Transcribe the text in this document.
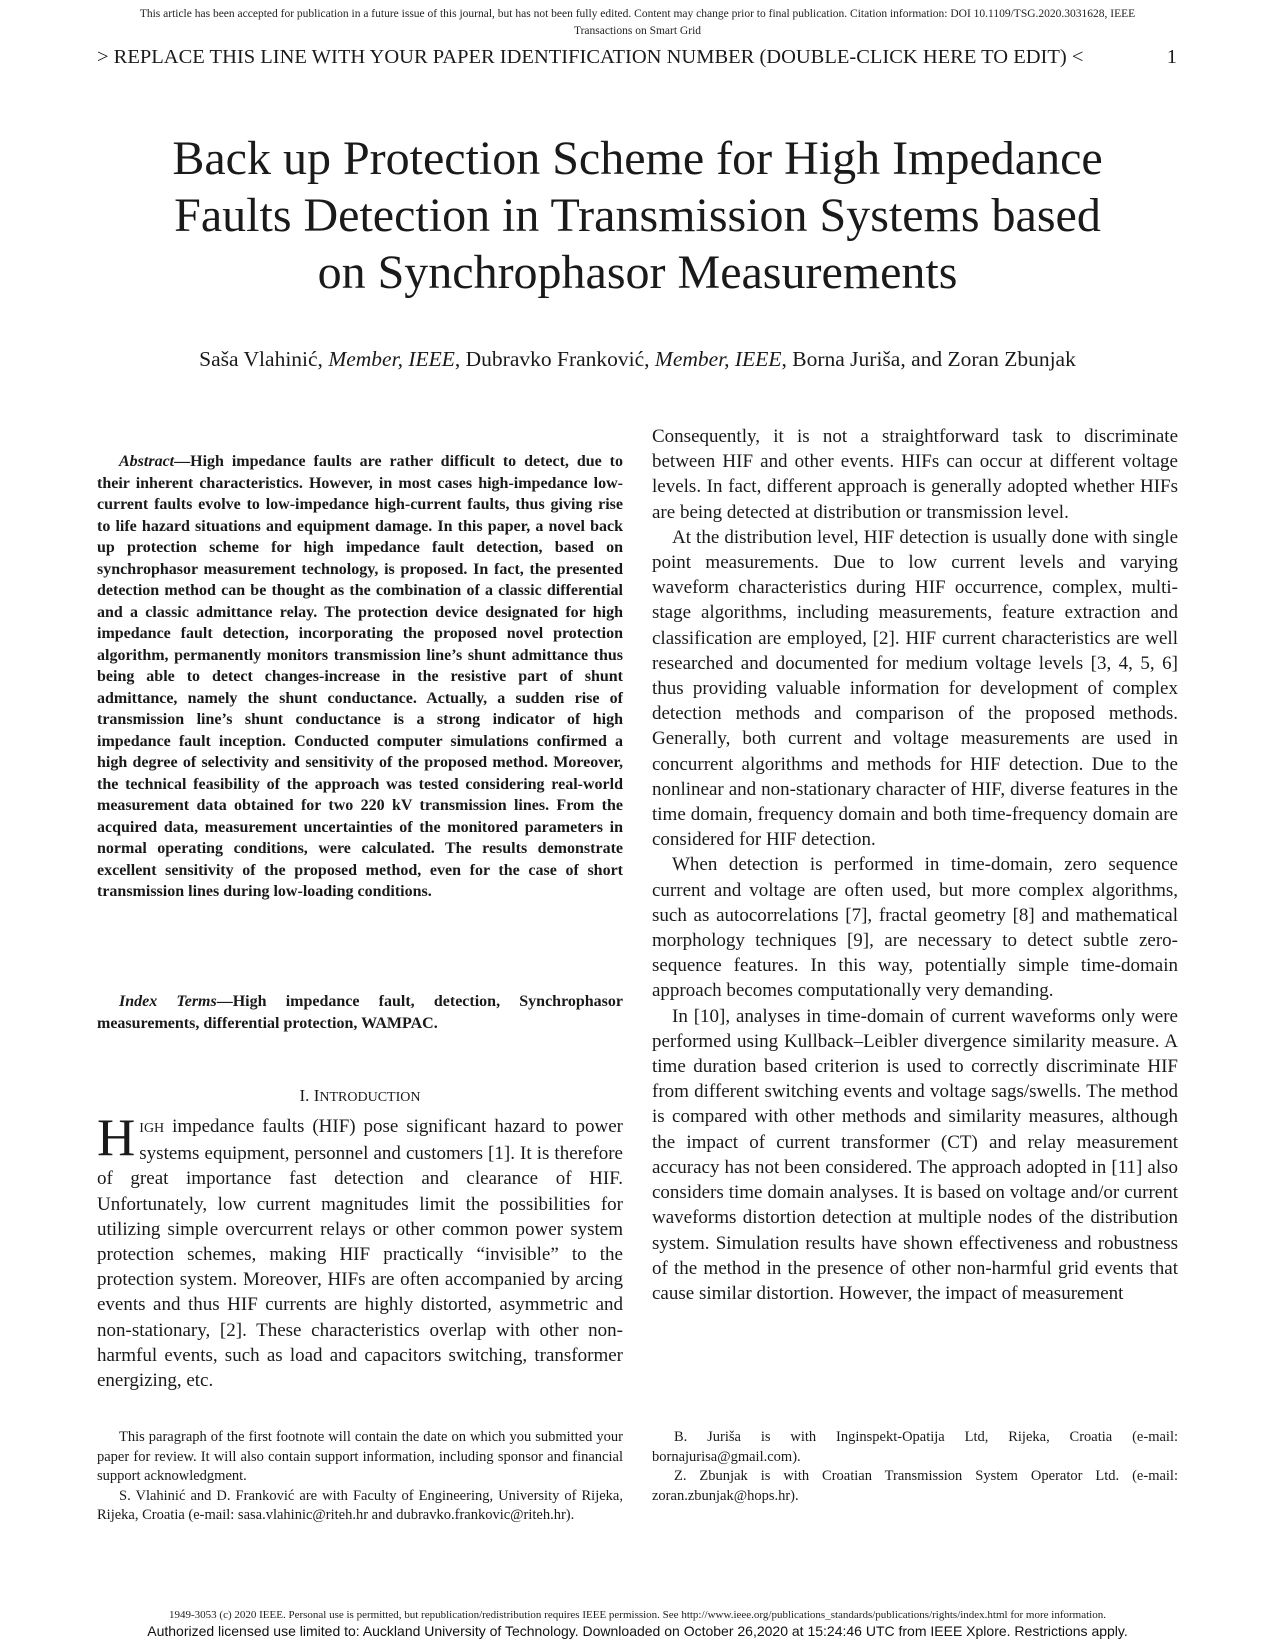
This article has been accepted for publication in a future issue of this journal, but has not been fully edited. Content may change prior to final publication. Citation information: DOI 10.1109/TSG.2020.3031628, IEEE
Transactions on Smart Grid
> REPLACE THIS LINE WITH YOUR PAPER IDENTIFICATION NUMBER (DOUBLE-CLICK HERE TO EDIT) <	1
Back up Protection Scheme for High Impedance
Faults Detection in Transmission Systems based
on Synchrophasor Measurements
Saša Vlahinić, Member, IEEE, Dubravko Franković, Member, IEEE, Borna Juriša, and Zoran Zbunjak
Abstract—High impedance faults are rather difficult to detect, due to their inherent characteristics. However, in most cases high-impedance low-current faults evolve to low-impedance high-current faults, thus giving rise to life hazard situations and equipment damage. In this paper, a novel back up protection scheme for high impedance fault detection, based on synchrophasor measurement technology, is proposed. In fact, the presented detection method can be thought as the combination of a classic differential and a classic admittance relay. The protection device designated for high impedance fault detection, incorporating the proposed novel protection algorithm, permanently monitors transmission line’s shunt admittance thus being able to detect changes-increase in the resistive part of shunt admittance, namely the shunt conductance. Actually, a sudden rise of transmission line’s shunt conductance is a strong indicator of high impedance fault inception. Conducted computer simulations confirmed a high degree of selectivity and sensitivity of the proposed method. Moreover, the technical feasibility of the approach was tested considering real-world measurement data obtained for two 220 kV transmission lines. From the acquired data, measurement uncertainties of the monitored parameters in normal operating conditions, were calculated. The results demonstrate excellent sensitivity of the proposed method, even for the case of short transmission lines during low-loading conditions.
Index Terms—High impedance fault, detection, Synchrophasor measurements, differential protection, WAMPAC.
I. INTRODUCTION
HIGH impedance faults (HIF) pose significant hazard to power systems equipment, personnel and customers [1]. It is therefore of great importance fast detection and clearance of HIF. Unfortunately, low current magnitudes limit the possibilities for utilizing simple overcurrent relays or other common power system protection schemes, making HIF practically “invisible” to the protection system. Moreover, HIFs are often accompanied by arcing events and thus HIF currents are highly distorted, asymmetric and non-stationary, [2]. These characteristics overlap with other non-harmful events, such as load and capacitors switching, transformer energizing, etc.

Consequently, it is not a straightforward task to discriminate between HIF and other events. HIFs can occur at different voltage levels. In fact, different approach is generally adopted whether HIFs are being detected at distribution or transmission level.

At the distribution level, HIF detection is usually done with single point measurements. Due to low current levels and varying waveform characteristics during HIF occurrence, complex, multi-stage algorithms, including measurements, feature extraction and classification are employed, [2]. HIF current characteristics are well researched and documented for medium voltage levels [3, 4, 5, 6] thus providing valuable information for development of complex detection methods and comparison of the proposed methods. Generally, both current and voltage measurements are used in concurrent algorithms and methods for HIF detection. Due to the nonlinear and non-stationary character of HIF, diverse features in the time domain, frequency domain and both time-frequency domain are considered for HIF detection.

When detection is performed in time-domain, zero sequence current and voltage are often used, but more complex algorithms, such as autocorrelations [7], fractal geometry [8] and mathematical morphology techniques [9], are necessary to detect subtle zero-sequence features. In this way, potentially simple time-domain approach becomes computationally very demanding.

In [10], analyses in time-domain of current waveforms only were performed using Kullback–Leibler divergence similarity measure. A time duration based criterion is used to correctly discriminate HIF from different switching events and voltage sags/swells. The method is compared with other methods and similarity measures, although the impact of current transformer (CT) and relay measurement accuracy has not been considered. The approach adopted in [11] also considers time domain analyses. It is based on voltage and/or current waveforms distortion detection at multiple nodes of the distribution system. Simulation results have shown effectiveness and robustness of the method in the presence of other non-harmful grid events that cause similar distortion. However, the impact of measurement

This paragraph of the first footnote will contain the date on which you submitted your paper for review. It will also contain support information, including sponsor and financial support acknowledgment.

S. Vlahinić and D. Franković are with Faculty of Engineering, University of Rijeka, Rijeka, Croatia (e-mail: sasa.vlahinic@riteh.hr and dubravko.frankovic@riteh.hr).

B. Juriša is with Inginspekt-Opatija Ltd, Rijeka, Croatia (e-mail: bornajurisa@gmail.com).

Z. Zbunjak is with Croatian Transmission System Operator Ltd. (e-mail: zoran.zbunjak@hops.hr).

1949-3053 (c) 2020 IEEE. Personal use is permitted, but republication/redistribution requires IEEE permission. See http://www.ieee.org/publications_standards/publications/rights/index.html for more information.
Authorized licensed use limited to: Auckland University of Technology. Downloaded on October 26,2020 at 15:24:46 UTC from IEEE Xplore. Restrictions apply.
